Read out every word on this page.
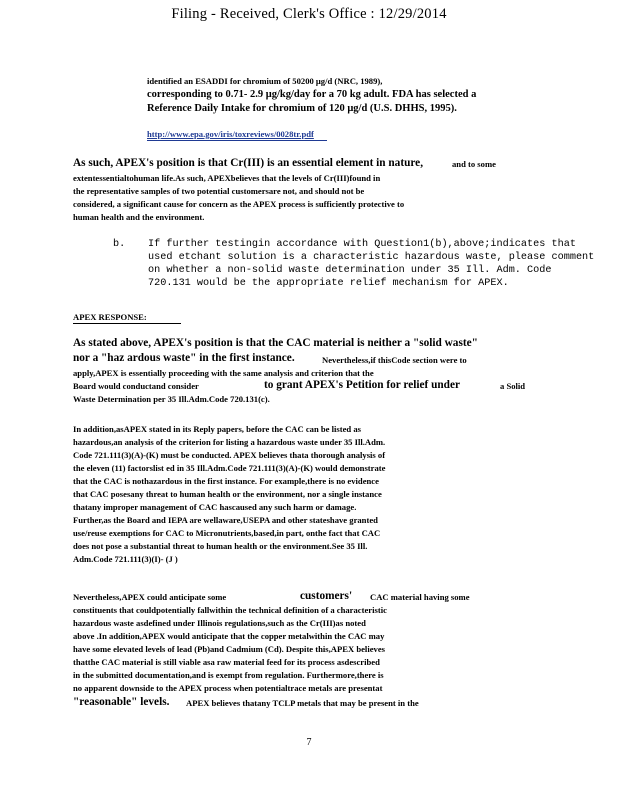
Filing - Received, Clerk's Office : 12/29/2014
identified an ESADDI for chromium of 50200 μg/d (NRC, 1989),
corresponding to 0.71- 2.9 μg/kg/day for a 70 kg adult. FDA has selected a
Reference Daily Intake for chromium of 120 μg/d (U.S. DHHS, 1995).
http://www.epa.gov/iris/toxreviews/0028tr.pdf
As such, APEX's position is that Cr(III) is an essential element in nature,	and to some
extentessentialtohuman life.As such, APEXbelieves that the levels of Cr(III)found in
the representative samples of two potential customersare not, and should not be
considered, a significant cause for concern as the APEX process is sufficiently protective to
human health and the environment.
b. If further testingin accordance with Question1(b),above;indicates that
used etchant solution is a characteristic hazardous waste, please comment
on whether a non-solid waste determination under 35 Ill. Adm. Code
720.131 would be the appropriate relief mechanism for APEX.
APEX RESPONSE:
As stated above, APEX's position is that the CAC material is neither a "solid waste"
nor a "haz ardous waste" in the first instance.	Nevertheless,if thisCode section were to
apply,APEX is essentially proceeding with the same analysis and criterion that the
Board would conductand consider	to grant APEX's Petition for relief under	a Solid
Waste Determination per 35 Ill.Adm.Code 720.131(c).
In addition,asAPEX stated in its Reply papers, before the CAC can be listed as
hazardous,an analysis of the criterion for listing a hazardous waste under 35 Ill.Adm.
Code 721.111(3)(A)-(K) must be conducted. APEX believes thata thorough analysis of
the eleven (11) factorslist ed in 35 Ill.Adm.Code 721.111(3)(A)-(K) would demonstrate
that the CAC is nothazardous in the first instance. For example,there is no evidence
that CAC posesany threat to human health or the environment, nor a single instance
thatany improper management of CAC hascaused any such harm or damage.
Further,as the Board and IEPA are wellaware,USEPA and other stateshave granted
use/reuse exemptions for CAC to Micronutrients,based,in part, onthe fact that CAC
does not pose a substantial threat to human health or the environment.See 35 Ill.
Adm.Code 721.111(3)(I)- (J )
Nevertheless,APEX could anticipate some	customers' CAC material having some
constituents that couldpotentially fallwithin the technical definition of a characteristic
hazardous waste asdefined under Illinois regulations,such as the Cr(III)as noted
above .In addition,APEX would anticipate that the copper metalwithin the CAC may
have some elevated levels of lead (Pb)and Cadmium (Cd). Despite this,APEX believes
thatthe CAC material is still viable asa raw material feed for its process asdescribed
in the submitted documentation,and is exempt from regulation. Furthermore,there is
no apparent downside to the APEX process when potentialtrace metals are presentat
"reasonable" levels. APEX believes thatany TCLP metals that may be present in the
7
